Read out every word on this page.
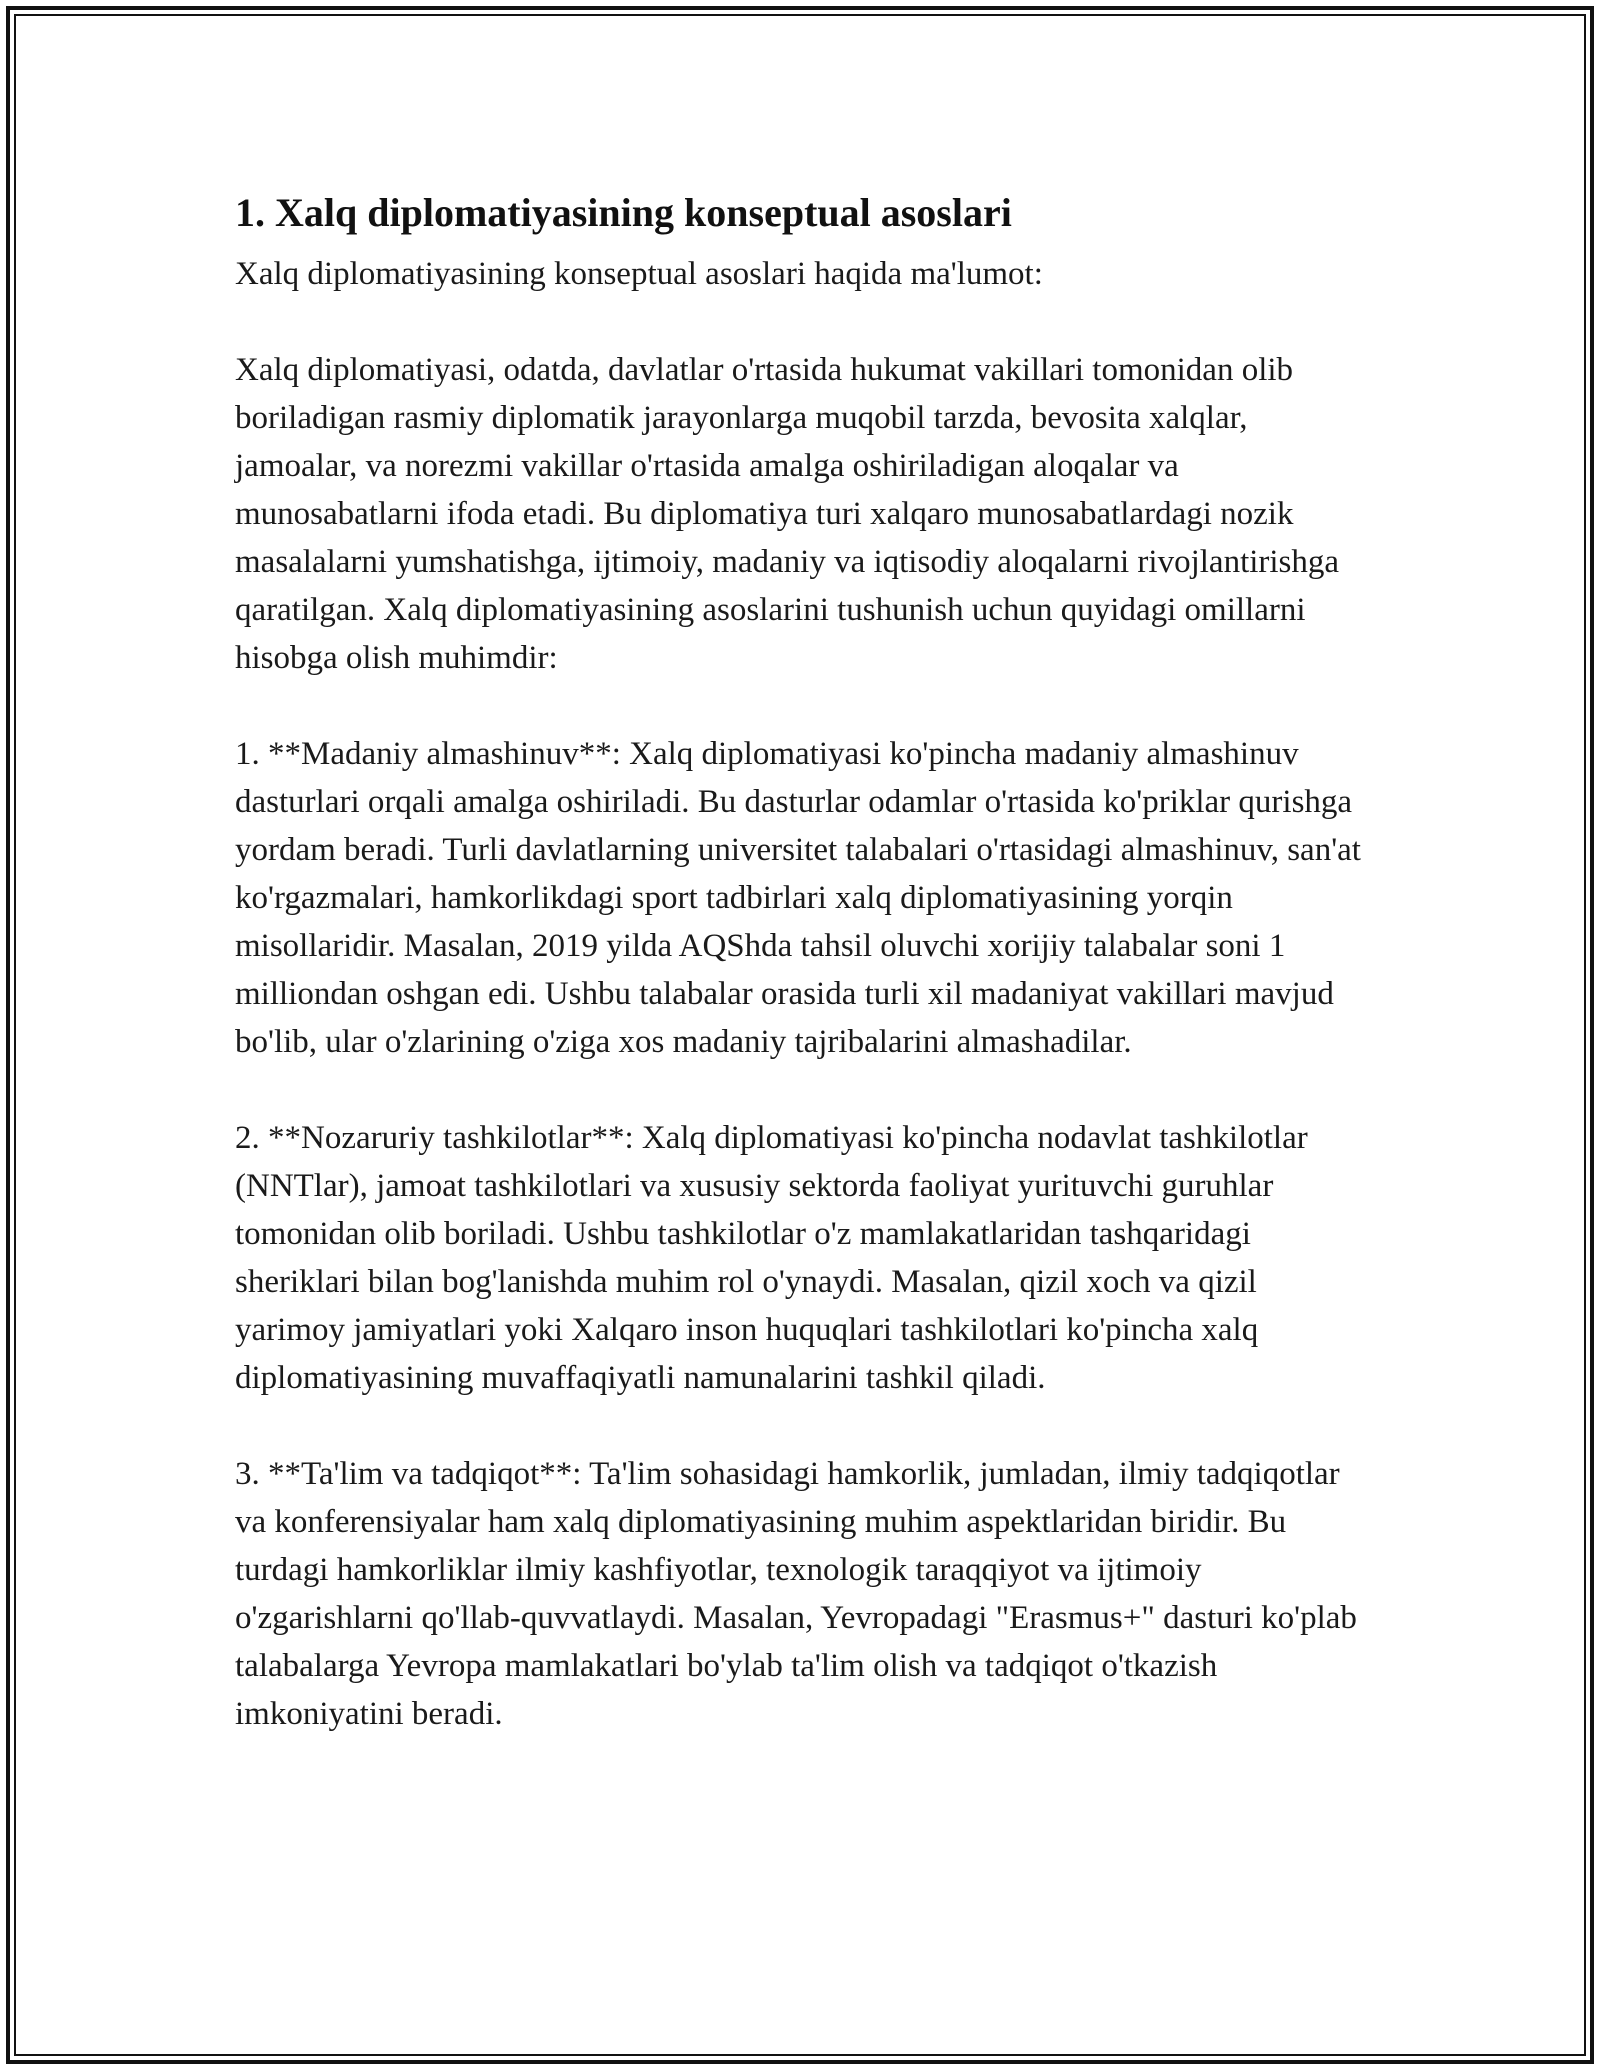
1. Xalq diplomatiyasining konseptual asoslari

Xalq diplomatiyasining konseptual asoslari haqida ma'lumot:

Xalq diplomatiyasi, odatda, davlatlar o'rtasida hukumat vakillari tomonidan olib boriladigan rasmiy diplomatik jarayonlarga muqobil tarzda, bevosita xalqlar, jamoalar, va norezmi vakillar o'rtasida amalga oshiriladigan aloqalar va munosabatlarni ifoda etadi. Bu diplomatiya turi xalqaro munosabatlardagi nozik masalalarni yumshatishga, ijtimoiy, madaniy va iqtisodiy aloqalarni rivojlantirishga qaratilgan. Xalq diplomatiyasining asoslarini tushunish uchun quyidagi omillarni hisobga olish muhimdir:

1. **Madaniy almashinuv**: Xalq diplomatiyasi ko'pincha madaniy almashinuv dasturlari orqali amalga oshiriladi. Bu dasturlar odamlar o'rtasida ko'priklar qurishga yordam beradi. Turli davlatlarning universitet talabalari o'rtasidagi almashinuv, san'at ko'rgazmalari, hamkorlikdagi sport tadbirlari xalq diplomatiyasining yorqin misollaridir. Masalan, 2019 yilda AQShda tahsil oluvchi xorijiy talabalar soni 1 milliondan oshgan edi. Ushbu talabalar orasida turli xil madaniyat vakillari mavjud bo'lib, ular o'zlarining o'ziga xos madaniy tajribalarini almashadilar.

2. **Nozaruriy tashkilotlar**: Xalq diplomatiyasi ko'pincha nodavlat tashkilotlar (NNTlar), jamoat tashkilotlari va xususiy sektorda faoliyat yurituvchi guruhlar tomonidan olib boriladi. Ushbu tashkilotlar o'z mamlakatlaridan tashqaridagi sheriklari bilan bog'lanishda muhim rol o'ynaydi. Masalan, qizil xoch va qizil yarimoy jamiyatlari yoki Xalqaro inson huquqlari tashkilotlari ko'pincha xalq diplomatiyasining muvaffaqiyatli namunalarini tashkil qiladi.

3. **Ta'lim va tadqiqot**: Ta'lim sohasidagi hamkorlik, jumladan, ilmiy tadqiqotlar va konferensiyalar ham xalq diplomatiyasining muhim aspektlaridan biridir. Bu turdagi hamkorliklar ilmiy kashfiyotlar, texnologik taraqqiyot va ijtimoiy o'zgarishlarni qo'llab-quvvatlaydi. Masalan, Yevropadagi "Erasmus+" dasturi ko'plab talabalarga Yevropa mamlakatlari bo'ylab ta'lim olish va tadqiqot o'tkazish imkoniyatini beradi.
